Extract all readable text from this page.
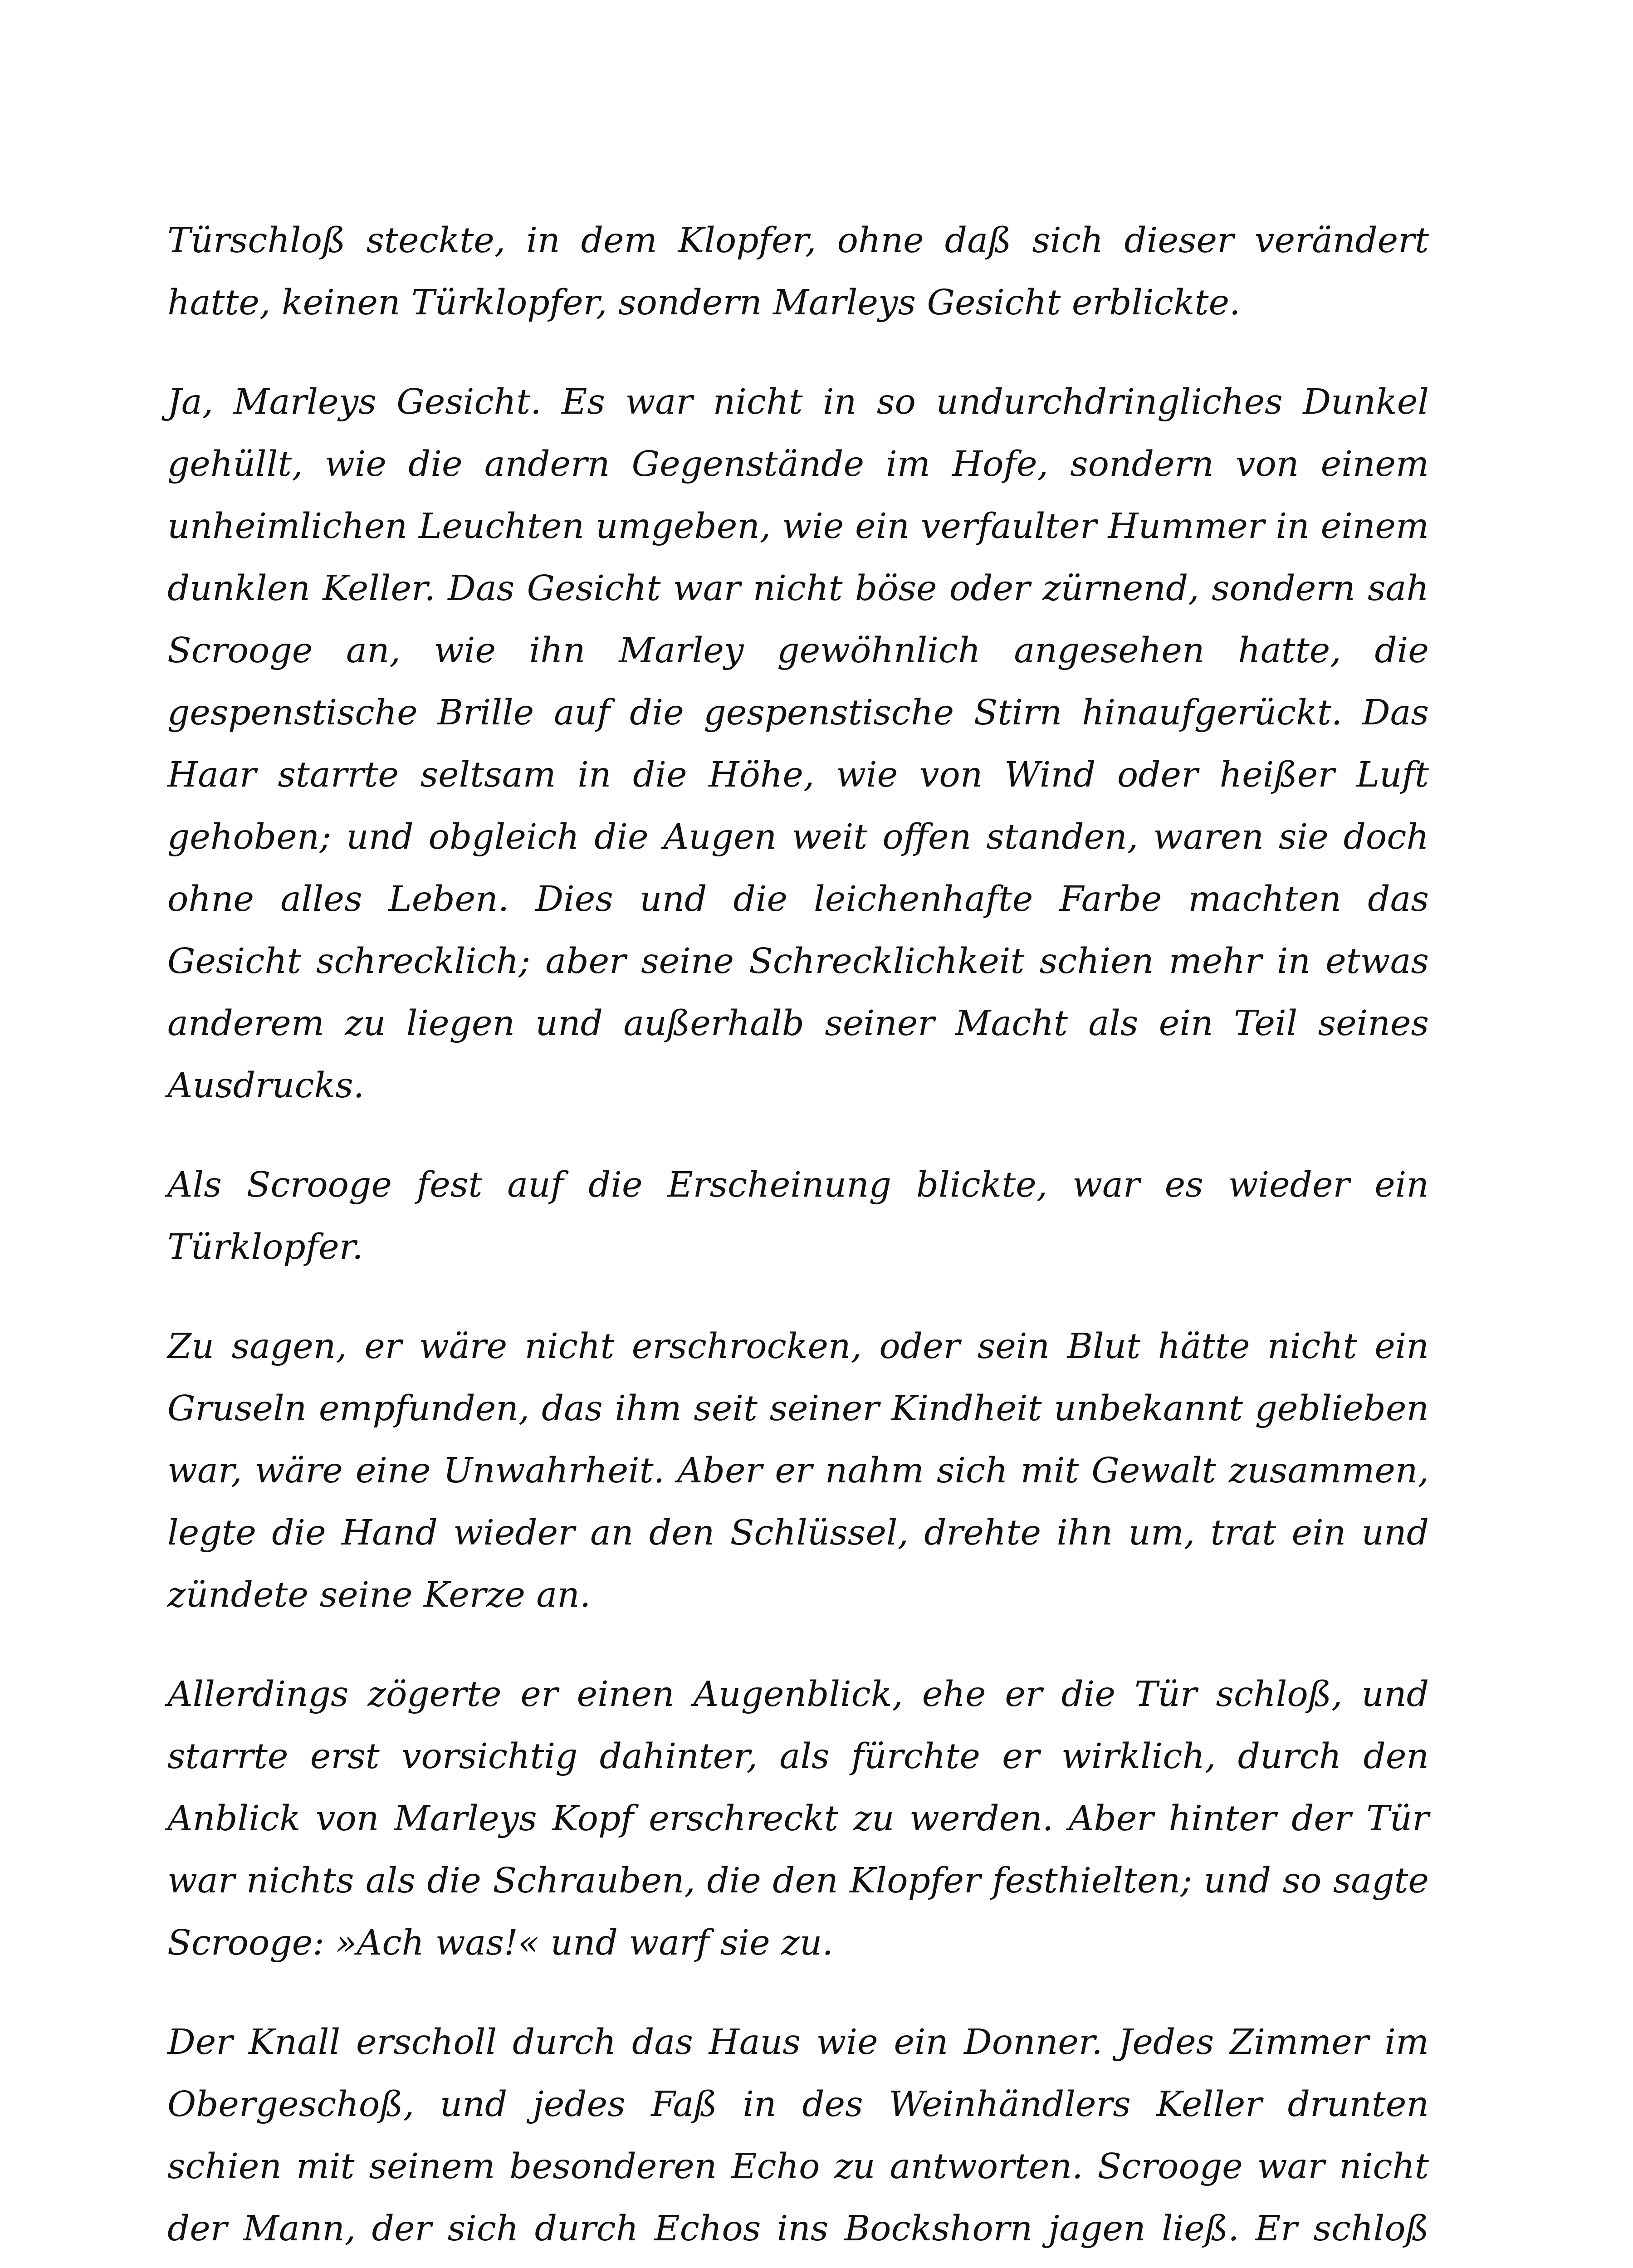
Türschloß steckte, in dem Klopfer, ohne daß sich dieser verändert hatte, keinen Türklopfer, sondern Marleys Gesicht erblickte.

Ja, Marleys Gesicht. Es war nicht in so undurchdringliches Dunkel gehüllt, wie die andern Gegenstände im Hofe, sondern von einem unheimlichen Leuchten umgeben, wie ein verfaulter Hummer in einem dunklen Keller. Das Gesicht war nicht böse oder zürnend, sondern sah Scrooge an, wie ihn Marley gewöhnlich angesehen hatte, die gespenstische Brille auf die gespenstische Stirn hinaufgerückt. Das Haar starrte seltsam in die Höhe, wie von Wind oder heißer Luft gehoben; und obgleich die Augen weit offen standen, waren sie doch ohne alles Leben. Dies und die leichenhafte Farbe machten das Gesicht schrecklich; aber seine Schrecklichkeit schien mehr in etwas anderem zu liegen und außerhalb seiner Macht als ein Teil seines Ausdrucks.

Als Scrooge fest auf die Erscheinung blickte, war es wieder ein Türklopfer.

Zu sagen, er wäre nicht erschrocken, oder sein Blut hätte nicht ein Gruseln empfunden, das ihm seit seiner Kindheit unbekannt geblieben war, wäre eine Unwahrheit. Aber er nahm sich mit Gewalt zusammen, legte die Hand wieder an den Schlüssel, drehte ihn um, trat ein und zündete seine Kerze an.

Allerdings zögerte er einen Augenblick, ehe er die Tür schloß, und starrte erst vorsichtig dahinter, als fürchte er wirklich, durch den Anblick von Marleys Kopf erschreckt zu werden. Aber hinter der Tür war nichts als die Schrauben, die den Klopfer festhielten; und so sagte Scrooge: »Ach was!« und warf sie zu.

Der Knall erscholl durch das Haus wie ein Donner. Jedes Zimmer im Obergeschoß, und jedes Faß in des Weinhändlers Keller drunten schien mit seinem besonderen Echo zu antworten. Scrooge war nicht der Mann, der sich durch Echos ins Bockshorn jagen ließ. Er schloß
